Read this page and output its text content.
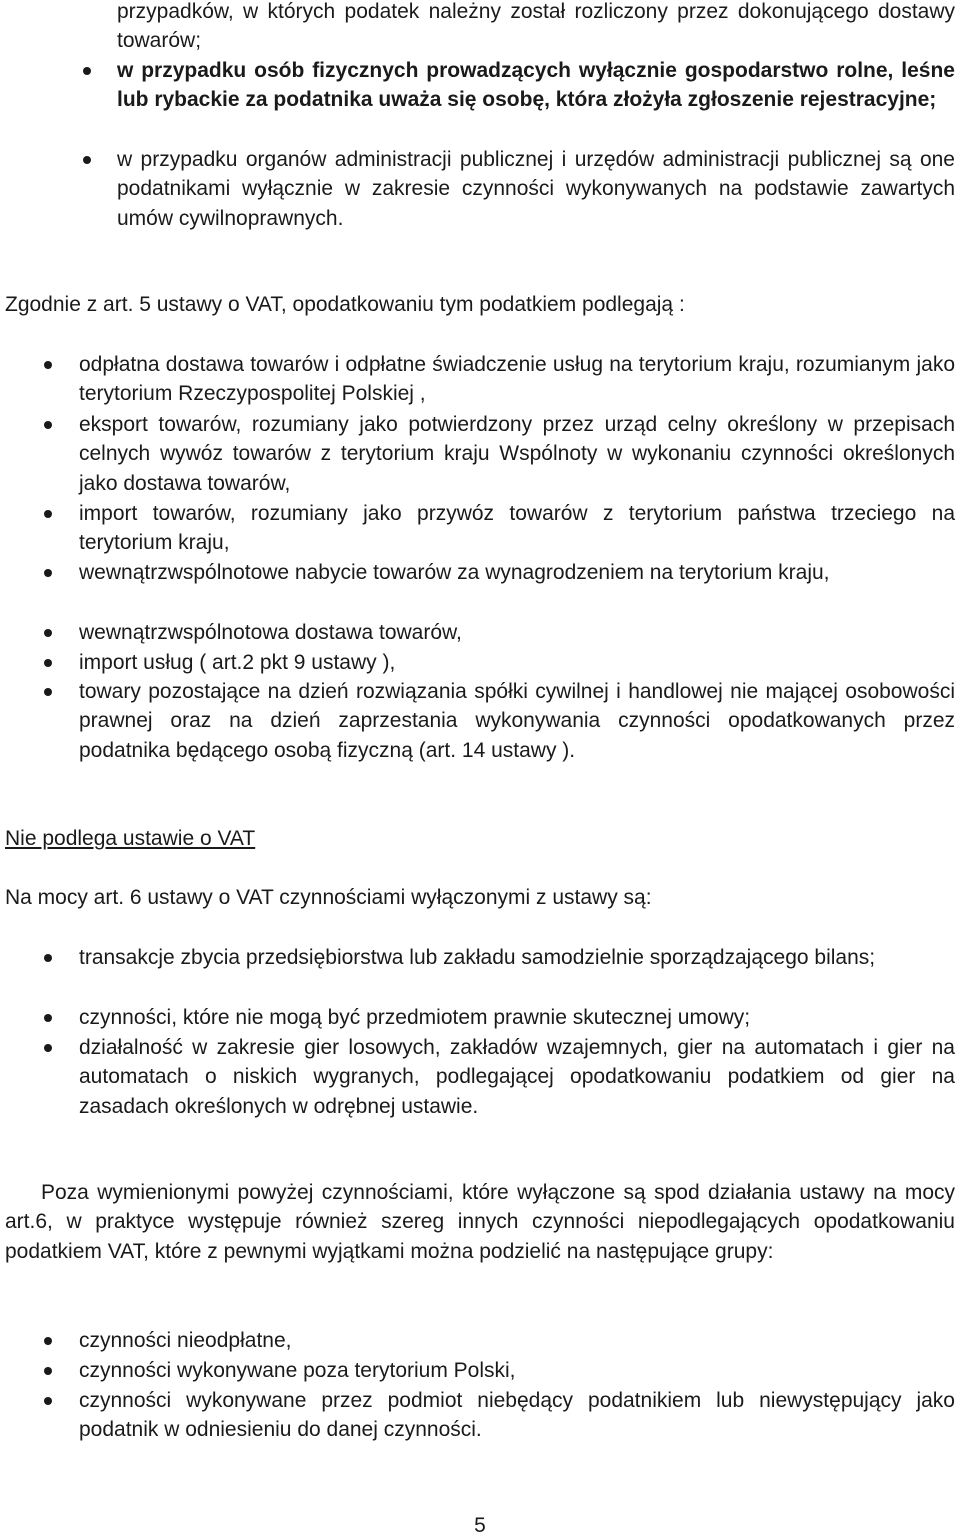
przypadków, w których podatek należny został rozliczony przez dokonującego dostawy towarów;
w przypadku osób fizycznych prowadzących wyłącznie gospodarstwo rolne, leśne lub rybackie za podatnika uważa się osobę, która złożyła zgłoszenie rejestracyjne;
w przypadku organów administracji publicznej i urzędów administracji publicznej są one podatnikami wyłącznie w zakresie czynności wykonywanych na podstawie zawartych umów cywilnoprawnych.

Zgodnie z art. 5 ustawy o VAT, opodatkowaniu tym podatkiem podlegają :

odpłatna dostawa towarów i odpłatne świadczenie usług na terytorium kraju, rozumianym jako terytorium Rzeczypospolitej Polskiej ,
eksport towarów, rozumiany jako potwierdzony przez urząd celny określony w przepisach celnych wywóz towarów z terytorium kraju Wspólnoty w wykonaniu czynności określonych jako dostawa towarów,
import towarów, rozumiany jako przywóz towarów z terytorium państwa trzeciego na terytorium kraju,
wewnątrzwspólnotowe nabycie towarów za wynagrodzeniem na terytorium kraju,
wewnątrzwspólnotowa dostawa towarów,
import usług ( art.2 pkt 9 ustawy ),
towary pozostające na dzień rozwiązania spółki cywilnej i handlowej nie mającej osobowości prawnej oraz na dzień zaprzestania wykonywania czynności opodatkowanych przez podatnika będącego osobą fizyczną (art. 14 ustawy ).

Nie podlega ustawie o VAT

Na mocy art. 6 ustawy o VAT czynnościami wyłączonymi z ustawy są:

transakcje zbycia przedsiębiorstwa lub zakładu samodzielnie sporządzającego bilans;
czynności, które nie mogą być przedmiotem prawnie skutecznej umowy;
działalność w zakresie gier losowych, zakładów wzajemnych, gier na automatach i gier na automatach o niskich wygranych, podlegającej opodatkowaniu podatkiem od gier na zasadach określonych w odrębnej ustawie.

Poza wymienionymi powyżej czynnościami, które wyłączone są spod działania ustawy na mocy art.6, w praktyce występuje również szereg innych czynności niepodlegających opodatkowaniu podatkiem VAT, które z pewnymi wyjątkami można podzielić na następujące grupy:

czynności nieodpłatne,
czynności wykonywane poza terytorium Polski,
czynności wykonywane przez podmiot niebędący podatnikiem lub niewystępujący jako podatnik w odniesieniu do danej czynności.
5
